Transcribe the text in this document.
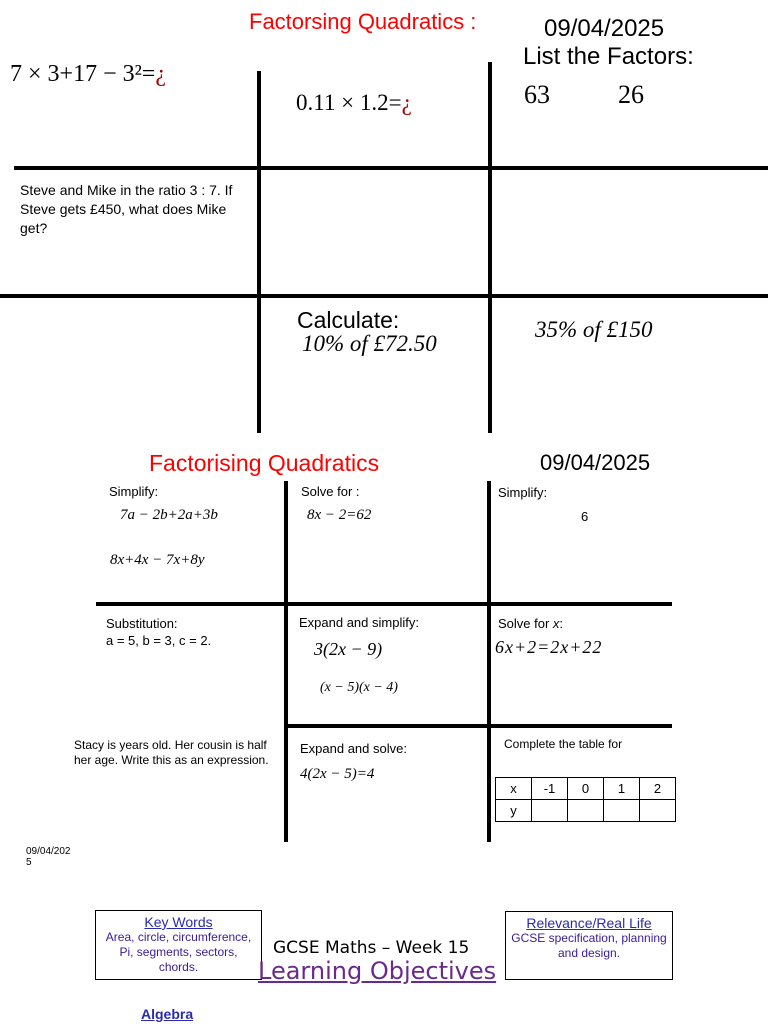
Factorsing Quadratics :	09/04/2025
List the Factors:
63	26
7 × 3+17 − 3²=¿
0.11 × 1.2=¿
Steve and Mike in the ratio 3 : 7. If Steve gets £450, what does Mike get?
Calculate:
10% of £72.50
35% of £150
Factorising Quadratics	09/04/2025
Simplify:
7a − 2b+2a+3b
8x+4x − 7x+8y
Solve for :
8x − 2=62
Simplify:
6
Substitution:
a = 5, b = 3, c = 2.
Expand and simplify:
3(2x − 9)
(x − 5)(x − 4)
Solve for x:
6x+2=2x+22
Stacy is years old. Her cousin is half her age. Write this as an expression.
Expand and solve:
4(2x − 5)=4
Complete the table for
x	-1	0	1	2
y				
09/04/2025
Key Words
Area, circle, circumference, Pi, segments, sectors, chords.
GCSE Maths – Week 15
Learning Objectives
Relevance/Real Life
GCSE specification, planning and design.
Algebra
